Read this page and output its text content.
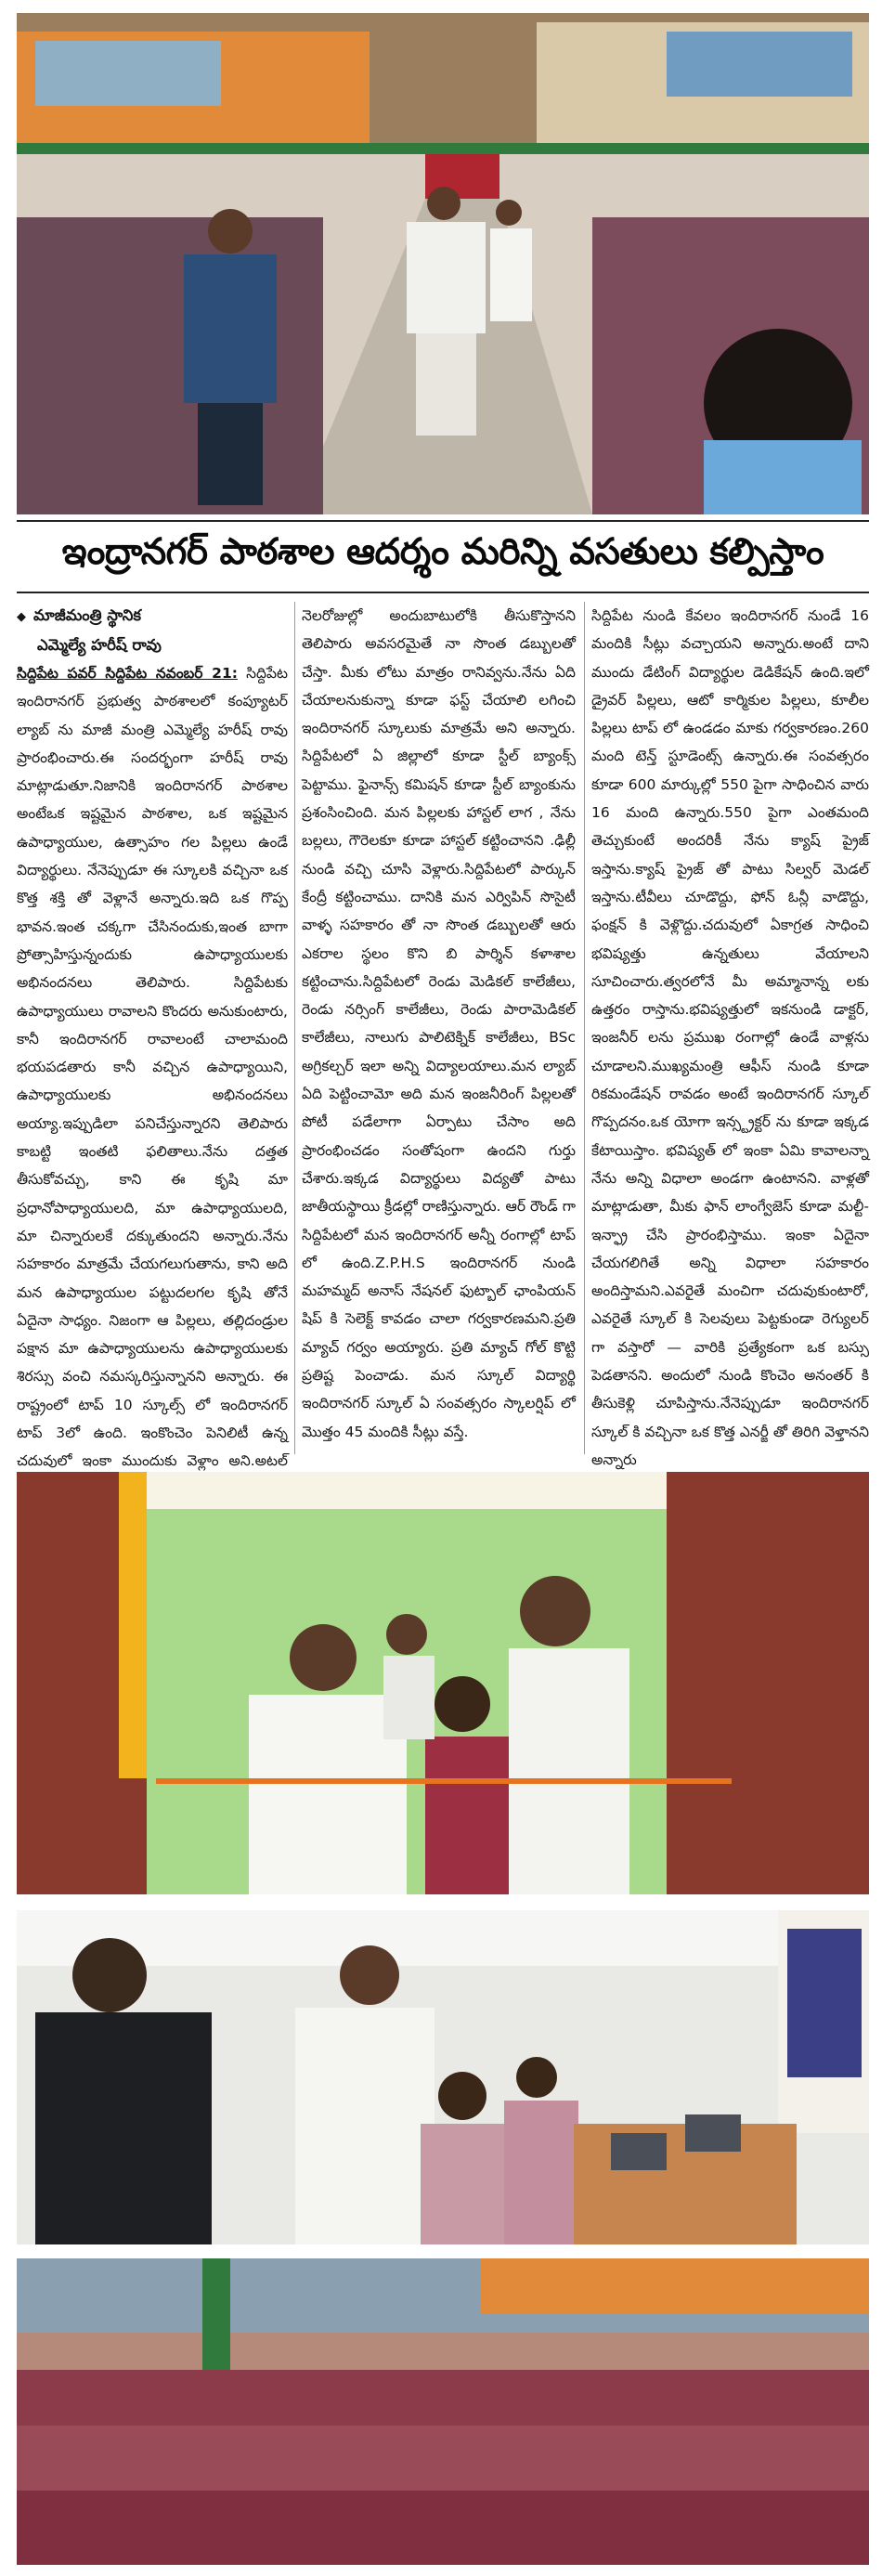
ఇంద్రానగర్ పాఠశాల ఆదర్శం మరిన్ని వసతులు కల్పిస్తాం
◆ మాజీమంత్రి స్థానిక
ఎమ్మెల్యే హరీష్ రావు

సిద్దిపేట పవర్ సిద్దిపేట నవంబర్ 21: సిద్దిపేట ఇందిరానగర్ ప్రభుత్వ పాఠశాలలో కంప్యూటర్ ల్యాబ్ ను మాజీ మంత్రి ఎమ్మెల్యే హరీష్ రావు ప్రారంభించారు.ఈ సందర్భంగా హరీష్ రావు మాట్లాడుతూ.నిజానికి ఇందిరానగర్ పాఠశాల అంటేఒక ఇష్టమైన పాఠశాల, ఒక ఇష్టమైన ఉపాధ్యాయుల, ఉత్సాహం గల పిల్లలు ఉండే విద్యార్థులు. నేనెప్పుడూ ఈ స్కూలకి వచ్చినా ఒక కొత్త శక్తి తో వెళ్లానే అన్నారు.ఇది ఒక గొప్ప భావన.ఇంత చక్కగా చేసినందుకు,ఇంత బాగా ప్రోత్సాహిస్తున్నందుకు ఉపాధ్యాయులకు అభినందనలు తెలిపారు. సిద్దిపేటకు ఉపాధ్యాయులు రావాలని కొందరు అనుకుంటారు, కానీ ఇందిరానగర్ రావాలంటే చాలామంది భయపడతారు కానీ వచ్చిన ఉపాధ్యాయిని, ఉపాధ్యాయులకు అభినందనలు అయ్యా.ఇప్పుడిలా పనిచేస్తున్నారని తెలిపారు కాబట్టి ఇంతటి ఫలితాలు.నేను దత్తత తీసుకోవచ్చు, కాని ఈ కృషి మా ప్రధానోపాధ్యాయులది, మా ఉపాధ్యాయులది, మా చిన్నారులకే దక్కుతుందని అన్నారు.నేను సహకారం మాత్రమే చేయగలుగుతాను, కాని అది మన ఉపాధ్యాయుల పట్టుదలగల కృషి తోనే ఏదైనా సాధ్యం. నిజంగా ఆ పిల్లలు, తల్లిదండ్రుల పక్షాన మా ఉపాధ్యాయులను ఉపాధ్యాయులకు శిరస్సు వంచి నమస్కరిస్తున్నానని అన్నారు. ఈ రాష్ట్రంలో టాప్ 10 స్కూల్స్ లో ఇందిరానగర్ టాప్ 3లో ఉంది. ఇంకొంచెం పెనిలిటీ ఉన్న చదువులో ఇంకా ముందుకు వెళ్లాం అని.అటల్

నెలరోజుల్లో అందుబాటులోకి తీసుకొస్తానని తెలిపారు అవసరమైతే నా సొంత డబ్బులతో చేస్తా. మీకు లోటు మాత్రం రానివ్వను.నేను ఏది చేయాలనుకున్నా కూడా ఫస్ట్ చేయాలి లగించి ఇందిరానగర్ స్కూలుకు మాత్రమే అని అన్నారు. సిద్దిపేటలో ఏ జిల్లాలో కూడా స్టీల్ బ్యాంక్స్ పెట్టాము. ఫైనాన్స్ కమిషన్ కూడా స్టీల్ బ్యాంకును ప్రశంసించింది. మన పిల్లలకు హాస్టల్ లాగ , నేను బల్లలు, గౌరెలకూ కూడా హాస్టల్ కట్టించానని .ఢిల్లీ నుండి వచ్చి చూసి వెళ్లారు.సిద్దిపేటలో పార్కున్ కేంద్రీ కట్టించాము. దానికి మన ఎర్విపిన్ సొసైటీ వాళ్ళ సహకారం తో నా సొంత డబ్బులతో ఆరు ఎకరాల స్థలం కొని బి పార్శిన్ కళాశాల కట్టించాను.సిద్దిపేటలో రెండు మెడికల్ కాలేజీలు, రెండు నర్సింగ్ కాలేజీలు, రెండు పారామెడికల్ కాలేజీలు, నాలుగు పాలిటెక్నిక్ కాలేజీలు, BSc అగ్రికల్చర్ ఇలా అన్ని విద్యాలయాలు.మన ల్యాబ్ ఏది పెట్టించామో అది మన ఇంజనీరింగ్ పిల్లలతో పోటీ పడేలాగా ఏర్పాటు చేసాం అది ప్రారంభించడం సంతోషంగా ఉందని గుర్తు చేశారు.ఇక్కడ విద్యార్థులు విద్యతో పాటు జాతీయస్థాయి క్రీడల్లో రాణిస్తున్నారు. ఆర్ రౌండ్ గా సిద్దిపేటలో మన ఇందిరానగర్ అన్నీ రంగాల్లో టాప్ లో ఉంది.Z.P.H.S ఇందిరానగర్ నుండి మహమ్మద్ అనాస్ నేషనల్ ఫుట్బాల్ ఛాంపియన్ షిప్ కి సెలెక్ట్ కావడం చాలా గర్వకారణమని.ప్రతి మ్యాచ్ గర్వం అయ్యారు. ప్రతి మ్యాచ్ గోల్ కొట్టి ప్రతిష్ట పెంచాడు. మన స్కూల్ విద్యార్థి ఇందిరానగర్ స్కూల్ ఏ సంవత్సరం స్కాలర్షిప్ లో మొత్తం 45 మందికి సీట్లు వస్తే.

సిద్దిపేట నుండి కేవలం ఇందిరానగర్ నుండే 16 మందికి సీట్లు వచ్చాయని అన్నారు.అంటే దాని ముందు డేటింగ్ విద్యార్థుల డెడికేషన్ ఉంది.ఇలో డ్రైవర్ పిల్లలు, ఆటో కార్మికుల పిల్లలు, కూలీల పిల్లలు టాప్ లో ఉండడం మాకు గర్వకారణం.260 మంది టెన్త్ స్టూడెంట్స్ ఉన్నారు.ఈ సంవత్సరం కూడా 600 మార్కుల్లో 550 పైగా సాధించిన వారు 16 మంది ఉన్నారు.550 పైగా ఎంతమంది తెచ్చుకుంటే అందరికీ నేను క్యాష్ ప్రైజ్ ఇస్తాను.క్యాష్ ప్రైజ్ తో పాటు సిల్వర్ మెడల్ ఇస్తాను.టీవీలు చూడొద్దు, ఫోన్ ఓన్లీ వాడొద్దు, ఫంక్షన్ కి వెళ్లొద్దు.చదువులో ఏకాగ్రత సాధించి భవిష్యత్తు ఉన్నతులు వేయాలని సూచించారు.త్వరలోనే మీ అమ్మానాన్న లకు ఉత్తరం రాస్తాను.భవిష్యత్తులో ఇకనుండి డాక్టర్, ఇంజనీర్ లను ప్రముఖ రంగాల్లో ఉండే వాళ్లను చూడాలని.ముఖ్యమంత్రి ఆఫీస్ నుండి కూడా రికమండేషన్ రావడం అంటే ఇందిరానగర్ స్కూల్ గొప్పదనం.ఒక యోగా ఇన్స్ట్రక్టర్ ను కూడా ఇక్కడ కేటాయిస్తాం. భవిష్యత్ లో ఇంకా ఏమి కావాలన్నా నేను అన్ని విధాలా అండగా ఉంటానని. వాళ్లతో మాట్లాడుతా, మీకు ఫాన్ లాంగ్వేజెస్ కూడా మల్టీ-ఇన్ఫ్రా చేసి ప్రారంభిస్తాము. ఇంకా ఏదైనా చేయగలిగితే అన్ని విధాలా సహకారం అందిస్తామని.ఎవరైతే మంచిగా చదువుకుంటారో, ఎవరైతే స్కూల్ కి సెలవులు పెట్టకుండా రెగ్యులర్ గా వస్తారో — వారికి ప్రత్యేకంగా ఒక బస్సు పెడతానని. అందులో నుండి కొంచెం అనంతర్ కి తీసుకెళ్లి చూపిస్తాను.నేనెప్పుడూ ఇందిరానగర్ స్కూల్ కి వచ్చినా ఒక కొత్త ఎనర్జీ తో తిరిగి వెళ్తానని అన్నారు
